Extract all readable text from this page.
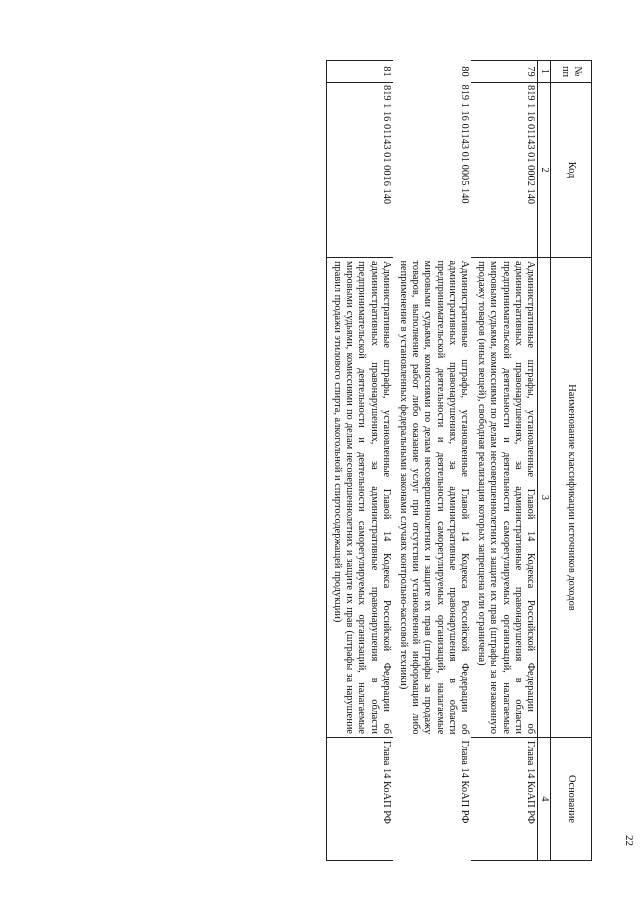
22
№ пп	Код	Наименование классификации источников доходов	Основание
1	2	3	4
79	819 1 16 01143 01 0002 140	Административные штрафы, установленные Главой 14 Кодекса Российской Федерации об административных правонарушениях, за административные правонарушения в области предпринимательской деятельности и деятельности саморегулируемых организаций, налагаемые мировыми судьями, комиссиями по делам несовершеннолетних и защите их прав (штрафы за незаконную продажу товаров (иных вещей), свободная реализация которых запрещена или ограничена)	Глава 14 КоАП РФ
80	819 1 16 01143 01 0005 140	Административные штрафы, установленные Главой 14 Кодекса Российской Федерации об административных правонарушениях, за административные правонарушения в области предпринимательской деятельности и деятельности саморегулируемых организаций, налагаемые мировыми судьями, комиссиями по делам несовершеннолетних и защите их прав (штрафы за продажу товаров, выполнение работ либо оказание услуг при отсутствии установленной информации либо неприменение в установленных федеральными законами случаях контрольно-кассовой техники)	Глава 14 КоАП РФ
81	819 1 16 01143 01 0016 140	Административные штрафы, установленные Главой 14 Кодекса Российской Федерации об административных правонарушениях, за административные правонарушения в области предпринимательской деятельности и деятельности саморегулируемых организаций, налагаемые мировыми судьями, комиссиями по делам несовершеннолетних и защите их прав (штрафы за нарушение правил продажи этилового спирта, алкогольной и спиртосодержащей продукции)	Глава 14 КоАП РФ
